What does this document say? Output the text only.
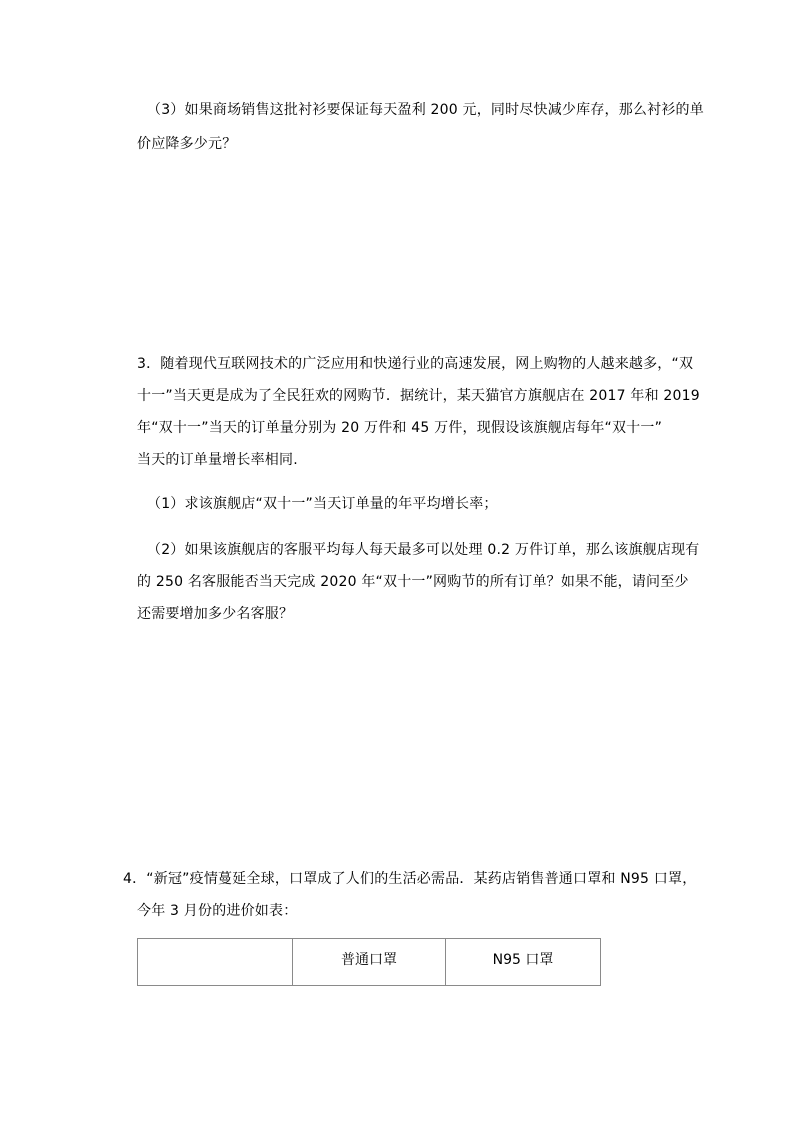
（3）如果商场销售这批衬衫要保证每天盈利 200 元，同时尽快减少库存，那么衬衫的单
价应降多少元？
3．随着现代互联网技术的广泛应用和快递行业的高速发展，网上购物的人越来越多，“双
十一”当天更是成为了全民狂欢的网购节．据统计，某天猫官方旗舰店在 2017 年和 2019
年“双十一”当天的订单量分别为 20 万件和 45 万件，现假设该旗舰店每年“双十一”
当天的订单量增长率相同.
（1）求该旗舰店“双十一”当天订单量的年平均增长率；
（2）如果该旗舰店的客服平均每人每天最多可以处理 0.2 万件订单，那么该旗舰店现有
的 250 名客服能否当天完成 2020 年“双十一”网购节的所有订单？如果不能，请问至少
还需要增加多少名客服？
4．“新冠”疫情蔓延全球，口罩成了人们的生活必需品．某药店销售普通口罩和 N95 口罩，
今年 3 月份的进价如表：
	普通口罩	N95 口罩
